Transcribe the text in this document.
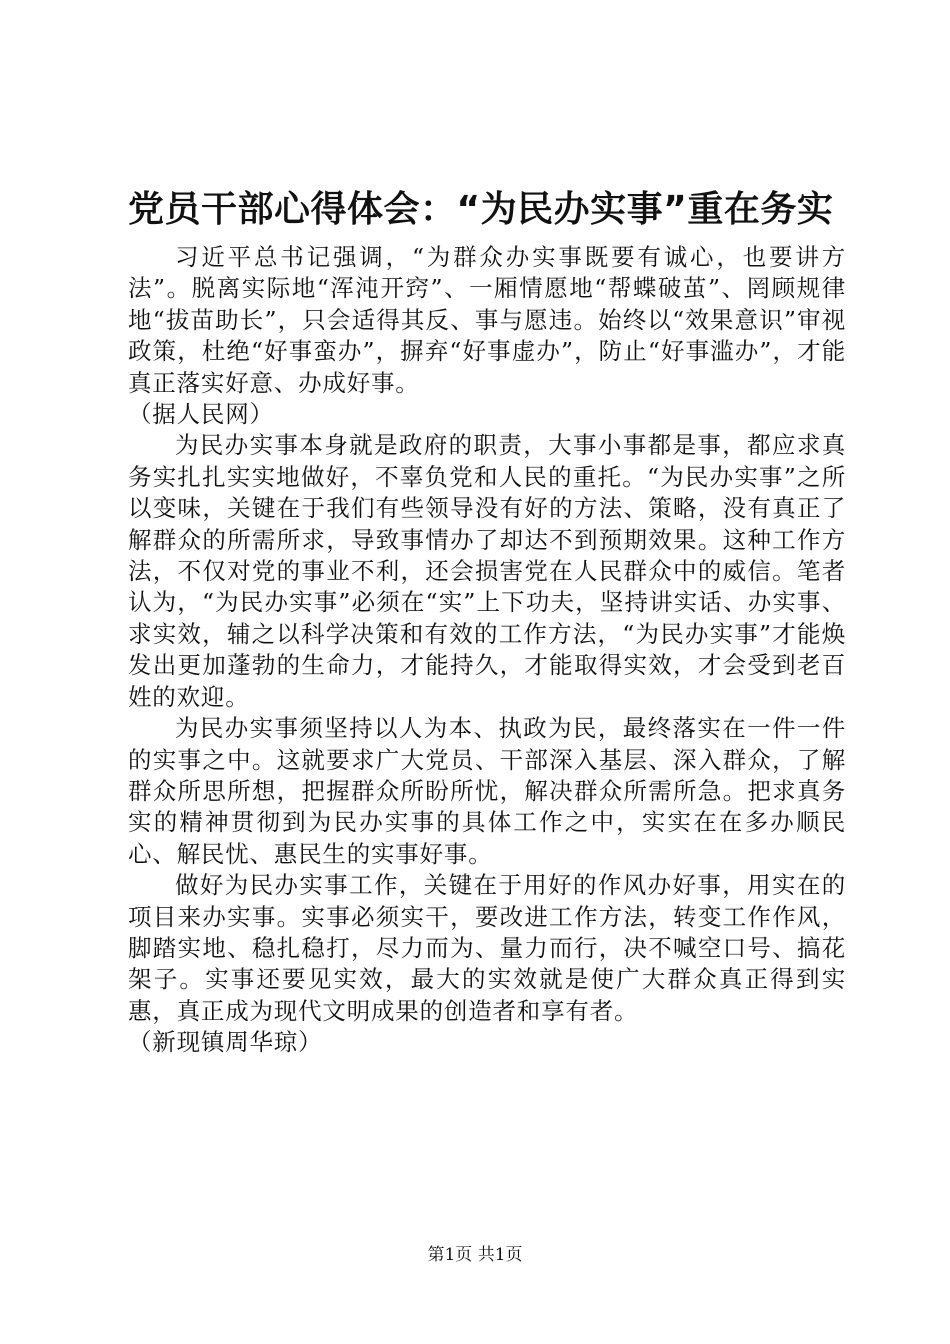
党员干部心得体会：“为民办实事”重在务实

习近平总书记强调，“为群众办实事既要有诚心，也要讲方法”。脱离实际地“浑沌开窍”、一厢情愿地“帮蝶破茧”、罔顾规律地“拔苗助长”，只会适得其反、事与愿违。始终以“效果意识”审视政策，杜绝“好事蛮办”，摒弃“好事虚办”，防止“好事滥办”，才能真正落实好意、办成好事。

（据人民网）

为民办实事本身就是政府的职责，大事小事都是事，都应求真务实扎扎实实地做好，不辜负党和人民的重托。“为民办实事”之所以变味，关键在于我们有些领导没有好的方法、策略，没有真正了解群众的所需所求，导致事情办了却达不到预期效果。这种工作方法，不仅对党的事业不利，还会损害党在人民群众中的威信。笔者认为，“为民办实事”必须在“实”上下功夫，坚持讲实话、办实事、求实效，辅之以科学决策和有效的工作方法，“为民办实事”才能焕发出更加蓬勃的生命力，才能持久，才能取得实效，才会受到老百姓的欢迎。

为民办实事须坚持以人为本、执政为民，最终落实在一件一件的实事之中。这就要求广大党员、干部深入基层、深入群众，了解群众所思所想，把握群众所盼所忧，解决群众所需所急。把求真务实的精神贯彻到为民办实事的具体工作之中，实实在在多办顺民心、解民忧、惠民生的实事好事。

做好为民办实事工作，关键在于用好的作风办好事，用实在的项目来办实事。实事必须实干，要改进工作方法，转变工作作风，脚踏实地、稳扎稳打，尽力而为、量力而行，决不喊空口号、搞花架子。实事还要见实效，最大的实效就是使广大群众真正得到实惠，真正成为现代文明成果的创造者和享有者。

（新现镇周华琼）

第1页 共1页
